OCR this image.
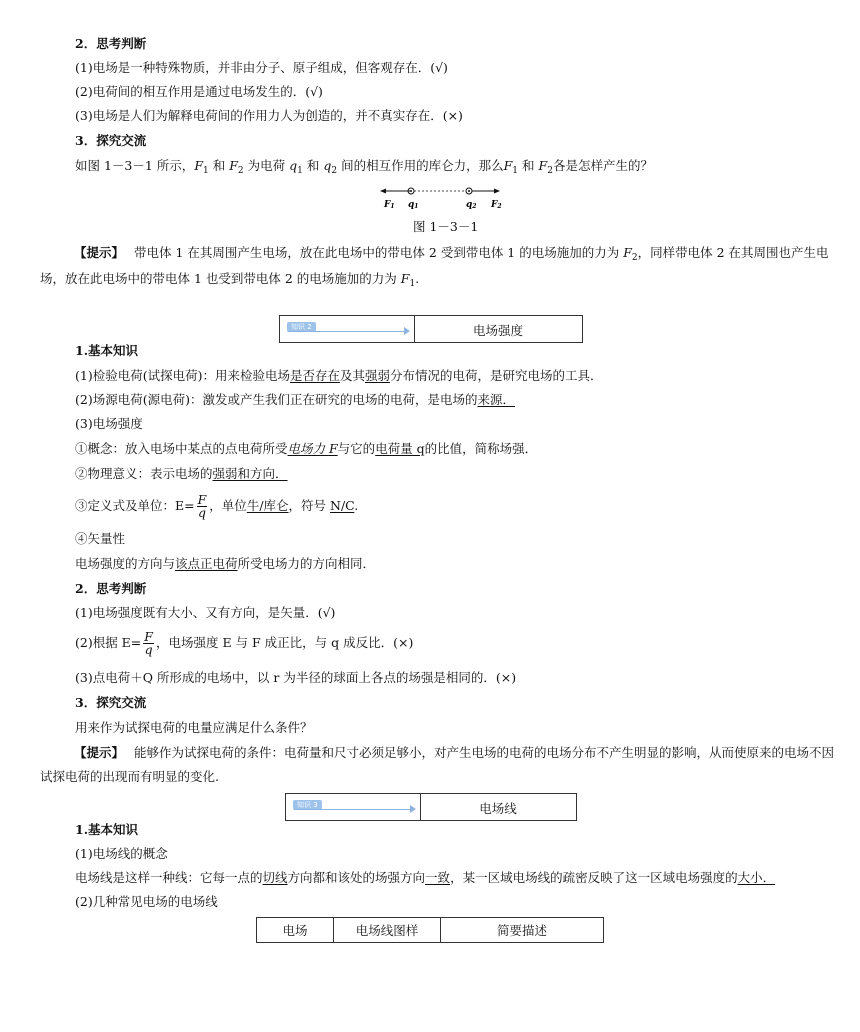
2．思考判断
(1)电场是一种特殊物质，并非由分子、原子组成，但客观存在．(√)
(2)电荷间的相互作用是通过电场发生的．(√)
(3)电场是人们为解释电荷间的作用力人为创造的，并不真实存在．(×)
3．探究交流
如图 1－3－1 所示，$F_1$ 和 $F_2$ 为电荷 $q_1$ 和 $q_2$ 间的相互作用的库仑力，那么$F_1$ 和 $F_2$各是怎样产生的？
F1 q1	q2 F2
图 1－3－1
【提示】 带电体 1 在其周围产生电场，放在此电场中的带电体 2 受到带电体 1 的电场施加的力为 $F_2$，同样带电体 2 在其周围也产生电场，放在此电场中的带电体 1 也受到带电体 2 的电场施加的力为 $F_1$.
知识 2	电场强度
1.基本知识
(1)检验电荷(试探电荷)：用来检验电场是否存在及其强弱分布情况的电荷，是研究电场的工具．
(2)场源电荷(源电荷)：激发或产生我们正在研究的电场的电荷，是电场的来源．
(3)电场强度
①概念：放入电场中某点的点电荷所受电场力 F与它的电荷量 q的比值，简称场强．
②物理意义：表示电场的强弱和方向．
③定义式及单位：$E= \frac{F}{q}$ ，单位牛/库仑，符号 N/C.
④矢量性
电场强度的方向与该点正电荷所受电场力的方向相同．
2．思考判断
(1)电场强度既有大小、又有方向，是矢量．(√)
(2)根据 $E= \frac{F}{q}$ ，电场强度 E 与 F 成正比，与 q 成反比．(×)
(3)点电荷＋Q 所形成的电场中，以 r 为半径的球面上各点的场强是相同的．(×)
3．探究交流
用来作为试探电荷的电量应满足什么条件？
【提示】 能够作为试探电荷的条件：电荷量和尺寸必须足够小，对产生电场的电荷的电场分布不产生明显的影响，从而使原来的电场不因试探电荷的出现而有明显的变化.
知识 3	电场线
1.基本知识
(1)电场线的概念
电场线是这样一种线：它每一点的切线方向都和该处的场强方向一致，某一区域电场线的疏密反映了这一区域电场强度的大小．
(2)几种常见电场的电场线
电场	电场线图样	简要描述
